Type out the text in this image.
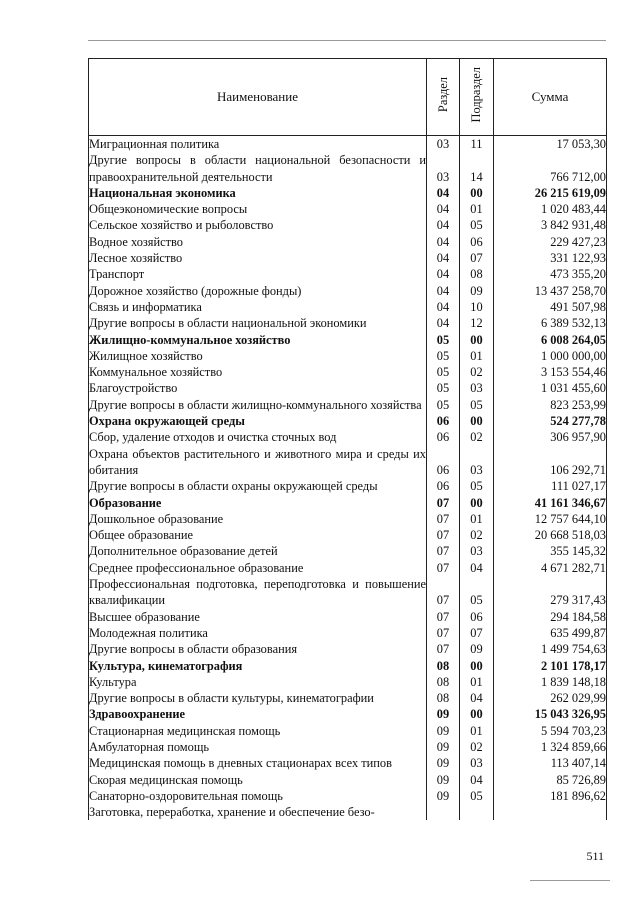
Наименование	Раздел	Подраздел	Сумма
Миграционная политика	03	11	17 053,30
Другие вопросы в области национальной безопасности и правоохранительной деятельности	03	14	766 712,00
Национальная экономика	04	00	26 215 619,09
Общеэкономические вопросы	04	01	1 020 483,44
Сельское хозяйство и рыболовство	04	05	3 842 931,48
Водное хозяйство	04	06	229 427,23
Лесное хозяйство	04	07	331 122,93
Транспорт	04	08	473 355,20
Дорожное хозяйство (дорожные фонды)	04	09	13 437 258,70
Связь и информатика	04	10	491 507,98
Другие вопросы в области национальной экономики	04	12	6 389 532,13
Жилищно-коммунальное хозяйство	05	00	6 008 264,05
Жилищное хозяйство	05	01	1 000 000,00
Коммунальное хозяйство	05	02	3 153 554,46
Благоустройство	05	03	1 031 455,60
Другие вопросы в области жилищно-коммунального хозяйства	05	05	823 253,99
Охрана окружающей среды	06	00	524 277,78
Сбор, удаление отходов и очистка сточных вод	06	02	306 957,90
Охрана объектов растительного и животного мира и среды их обитания	06	03	106 292,71
Другие вопросы в области охраны окружающей среды	06	05	111 027,17
Образование	07	00	41 161 346,67
Дошкольное образование	07	01	12 757 644,10
Общее образование	07	02	20 668 518,03
Дополнительное образование детей	07	03	355 145,32
Среднее профессиональное образование	07	04	4 671 282,71
Профессиональная подготовка, переподготовка и повышение квалификации	07	05	279 317,43
Высшее образование	07	06	294 184,58
Молодежная политика	07	07	635 499,87
Другие вопросы в области образования	07	09	1 499 754,63
Культура, кинематография	08	00	2 101 178,17
Культура	08	01	1 839 148,18
Другие вопросы в области культуры, кинематографии	08	04	262 029,99
Здравоохранение	09	00	15 043 326,95
Стационарная медицинская помощь	09	01	5 594 703,23
Амбулаторная помощь	09	02	1 324 859,66
Медицинская помощь в дневных стационарах всех типов	09	03	113 407,14
Скорая медицинская помощь	09	04	85 726,89
Санаторно-оздоровительная помощь	09	05	181 896,62
Заготовка, переработка, хранение и обеспечение безо-			
511
